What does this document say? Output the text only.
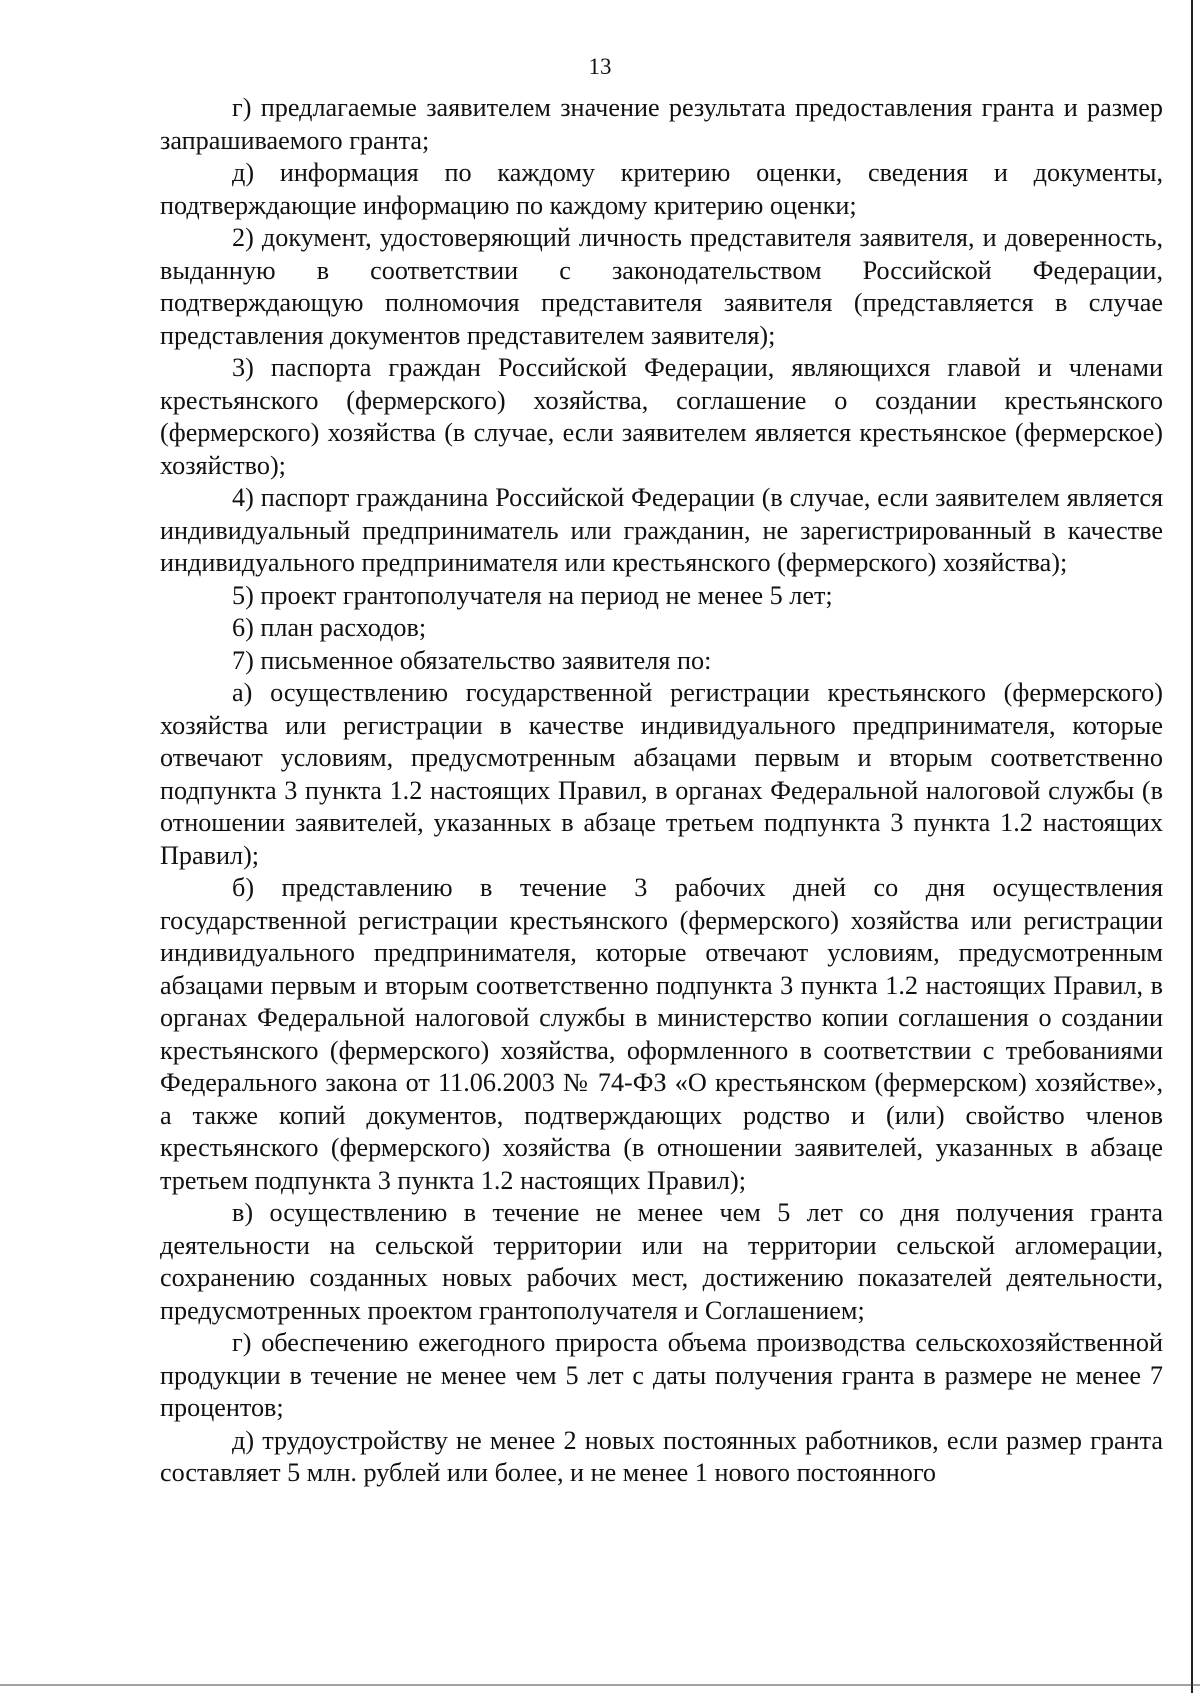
13

г) предлагаемые заявителем значение результата предоставления гранта и размер запрашиваемого гранта;

д) информация по каждому критерию оценки, сведения и документы, подтверждающие информацию по каждому критерию оценки;

2) документ, удостоверяющий личность представителя заявителя, и доверенность, выданную в соответствии с законодательством Российской Федерации, подтверждающую полномочия представителя заявителя (представляется в случае представления документов представителем заявителя);

3) паспорта граждан Российской Федерации, являющихся главой и членами крестьянского (фермерского) хозяйства, соглашение о создании крестьянского (фермерского) хозяйства (в случае, если заявителем является крестьянское (фермерское) хозяйство);

4) паспорт гражданина Российской Федерации (в случае, если заявителем является индивидуальный предприниматель или гражданин, не зарегистрированный в качестве индивидуального предпринимателя или крестьянского (фермерского) хозяйства);

5) проект грантополучателя на период не менее 5 лет;

6) план расходов;

7) письменное обязательство заявителя по:

а) осуществлению государственной регистрации крестьянского (фермерского) хозяйства или регистрации в качестве индивидуального предпринимателя, которые отвечают условиям, предусмотренным абзацами первым и вторым соответственно подпункта 3 пункта 1.2 настоящих Правил, в органах Федеральной налоговой службы (в отношении заявителей, указанных в абзаце третьем подпункта 3 пункта 1.2 настоящих Правил);

б) представлению в течение 3 рабочих дней со дня осуществления государственной регистрации крестьянского (фермерского) хозяйства или регистрации индивидуального предпринимателя, которые отвечают условиям, предусмотренным абзацами первым и вторым соответственно подпункта 3 пункта 1.2 настоящих Правил, в органах Федеральной налоговой службы в министерство копии соглашения о создании крестьянского (фермерского) хозяйства, оформленного в соответствии с требованиями Федерального закона от 11.06.2003 № 74-ФЗ «О крестьянском (фермерском) хозяйстве», а также копий документов, подтверждающих родство и (или) свойство членов крестьянского (фермерского) хозяйства (в отношении заявителей, указанных в абзаце третьем подпункта 3 пункта 1.2 настоящих Правил);

в) осуществлению в течение не менее чем 5 лет со дня получения гранта деятельности на сельской территории или на территории сельской агломерации, сохранению созданных новых рабочих мест, достижению показателей деятельности, предусмотренных проектом грантополучателя и Соглашением;

г) обеспечению ежегодного прироста объема производства сельскохозяйственной продукции в течение не менее чем 5 лет с даты получения гранта в размере не менее 7 процентов;

д) трудоустройству не менее 2 новых постоянных работников, если размер гранта составляет 5 млн. рублей или более, и не менее 1 нового постоянного
